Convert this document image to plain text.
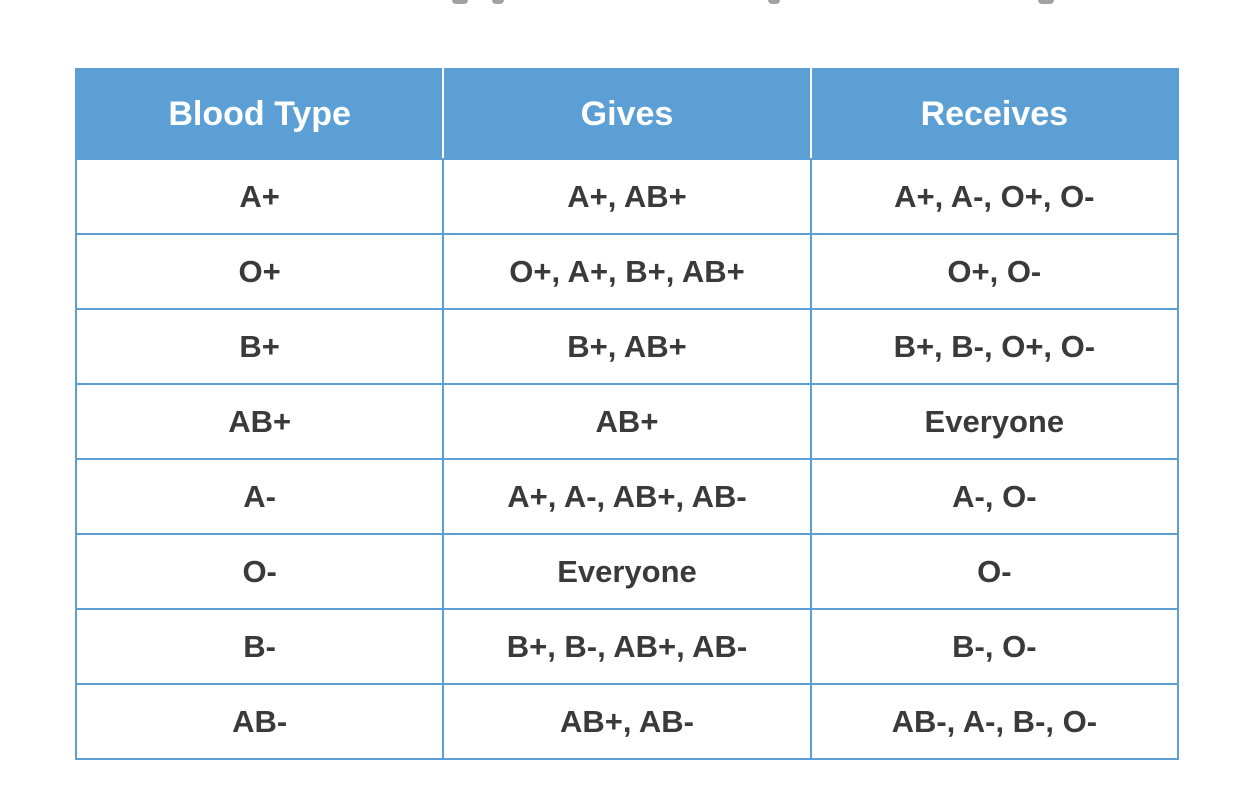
Blood Type	Gives	Receives
A+	A+, AB+	A+, A-, O+, O-
O+	O+, A+, B+, AB+	O+, O-
B+	B+, AB+	B+, B-, O+, O-
AB+	AB+	Everyone
A-	A+, A-, AB+, AB-	A-, O-
O-	Everyone	O-
B-	B+, B-, AB+, AB-	B-, O-
AB-	AB+, AB-	AB-, A-, B-, O-
